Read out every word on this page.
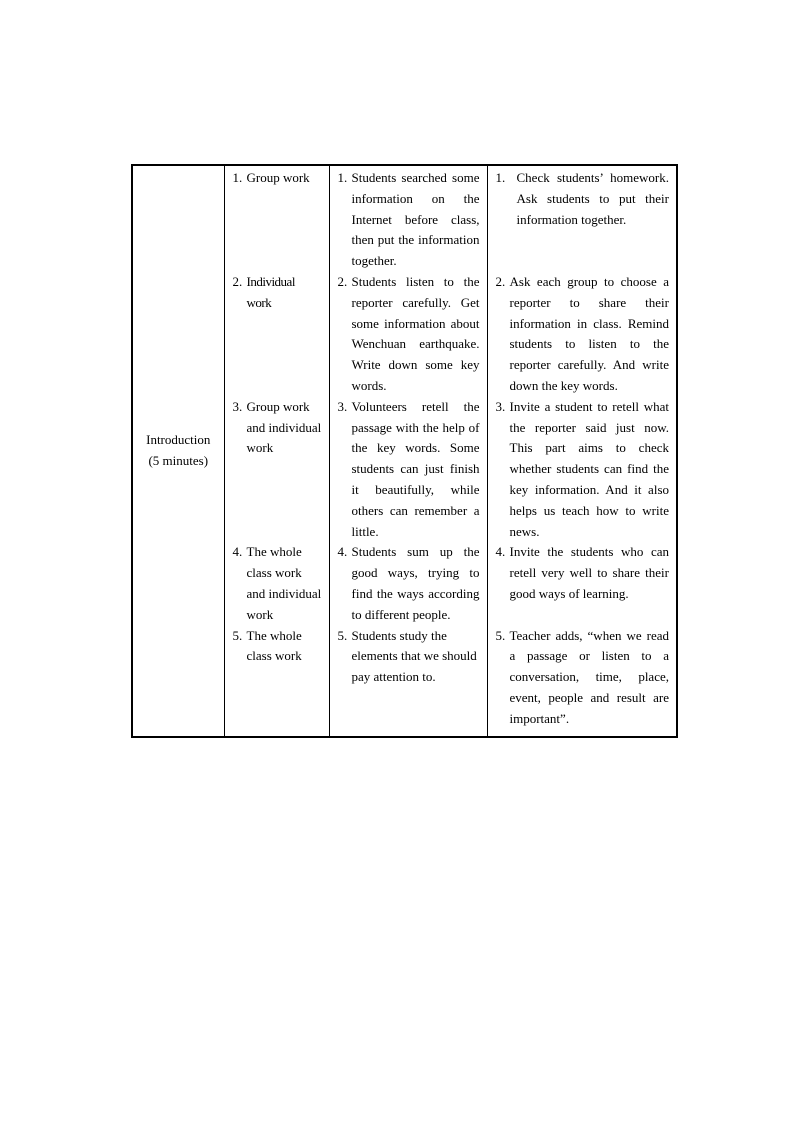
Introduction
(5 minutes)	1. Group work	1. Students searched some information on the Internet before class, then put the information together.	1. Check students’ homework. Ask students to put their information together.

	2. Individual work	2. Students listen to the reporter carefully. Get some information about Wenchuan earthquake. Write down some key words.	2. Ask each group to choose a reporter to share their information in class. Remind students to listen to the reporter carefully. And write down the key words.

	3. Group work and individual work	3. Volunteers retell the passage with the help of the key words. Some students can just finish it beautifully, while others can remember a little.	3. Invite a student to retell what the reporter said just now. This part aims to check whether students can find the key information. And it also helps us teach how to write news.

	4. The whole class work and individual work	4. Students sum up the good ways, trying to find the ways according to different people.	4. Invite the students who can retell very well to share their good ways of learning.

	5. The whole class work	5. Students study the elements that we should pay attention to.	5. Teacher adds, “when we read a passage or listen to a conversation, time, place, event, people and result are important”.
